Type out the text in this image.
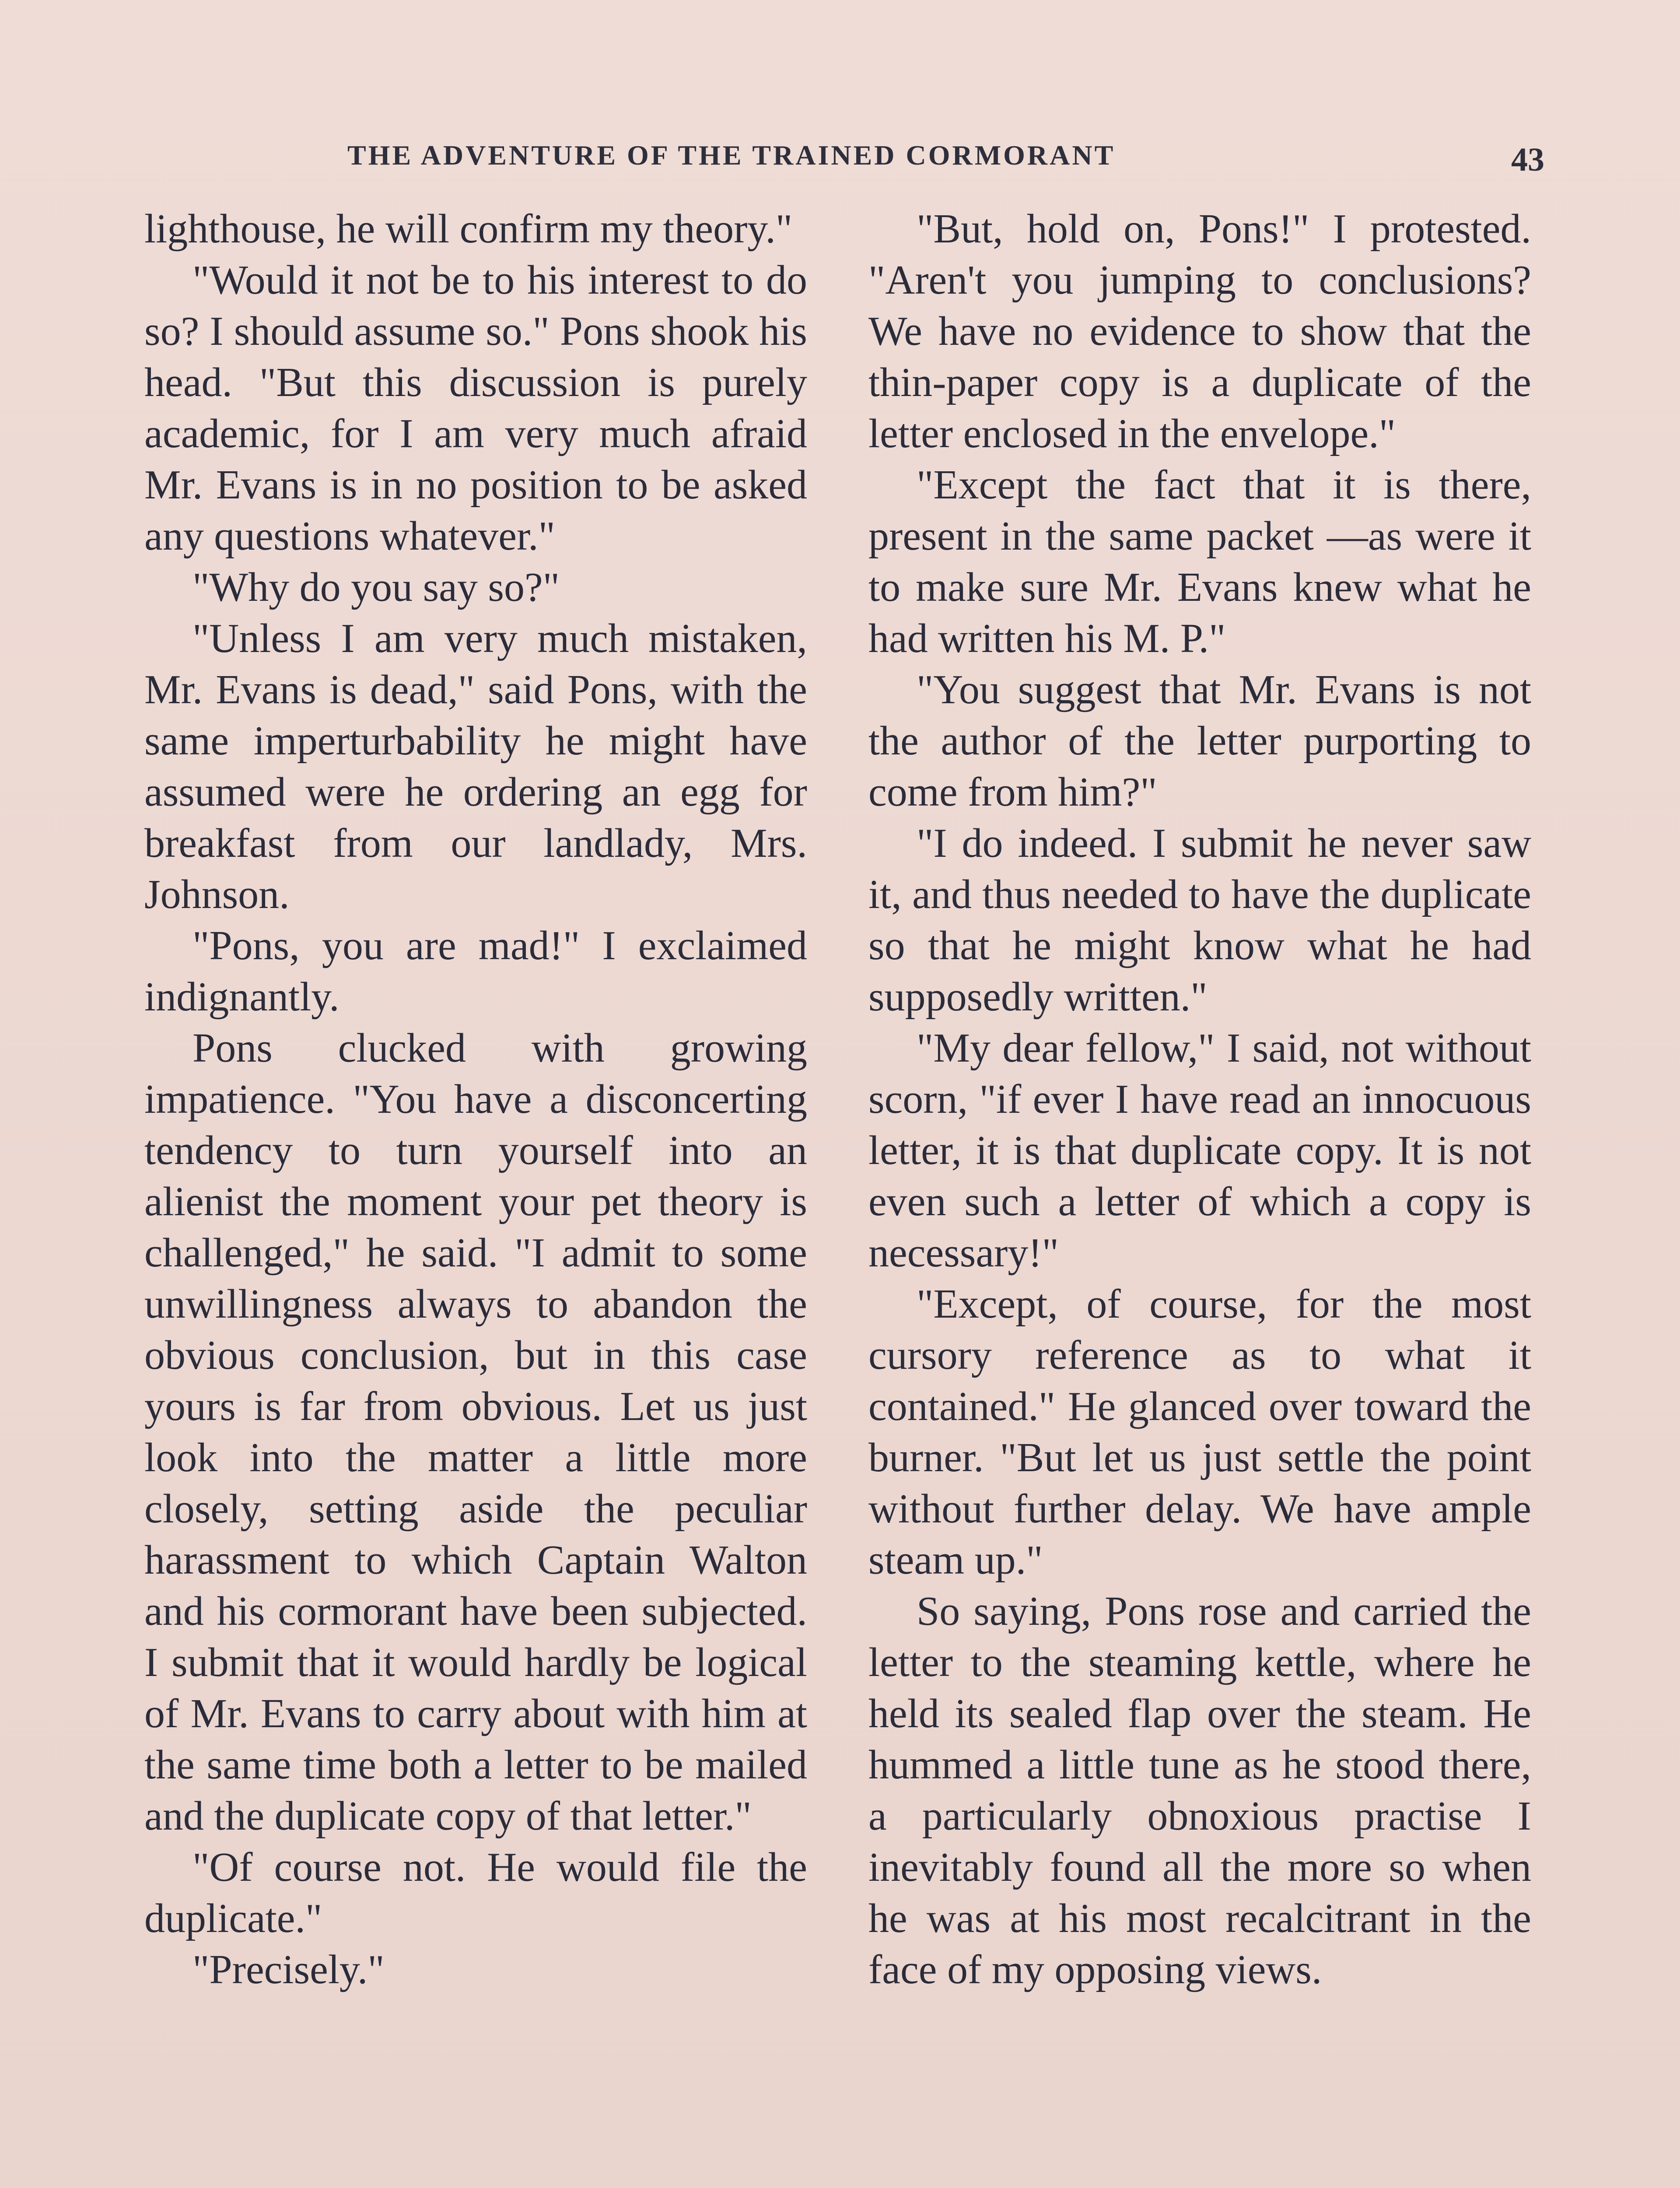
THE ADVENTURE OF THE TRAINED CORMORANT	43

lighthouse, he will confirm my theory."

"Would it not be to his interest to do so? I should assume so." Pons shook his head. "But this discussion is purely academic, for I am very much afraid Mr. Evans is in no position to be asked any questions whatever."

"Why do you say so?"

"Unless I am very much mistaken, Mr. Evans is dead," said Pons, with the same imperturbability he might have assumed were he ordering an egg for breakfast from our landlady, Mrs. Johnson.

"Pons, you are mad!" I exclaimed indignantly.

Pons clucked with growing impatience. "You have a disconcerting tendency to turn yourself into an alienist the moment your pet theory is challenged," he said. "I admit to some unwillingness always to abandon the obvious conclusion, but in this case yours is far from obvious. Let us just look into the matter a little more closely, setting aside the peculiar harassment to which Captain Walton and his cormorant have been subjected. I submit that it would hardly be logical of Mr. Evans to carry about with him at the same time both a letter to be mailed and the duplicate copy of that letter."

"Of course not. He would file the duplicate."

"Precisely."

"But, hold on, Pons!" I protested. "Aren't you jumping to conclusions? We have no evidence to show that the thin-paper copy is a duplicate of the letter enclosed in the envelope."

"Except the fact that it is there, present in the same packet —as were it to make sure Mr. Evans knew what he had written his M. P."

"You suggest that Mr. Evans is not the author of the letter purporting to come from him?"

"I do indeed. I submit he never saw it, and thus needed to have the duplicate so that he might know what he had supposedly written."

"My dear fellow," I said, not without scorn, "if ever I have read an innocuous letter, it is that duplicate copy. It is not even such a letter of which a copy is necessary!"

"Except, of course, for the most cursory reference as to what it contained." He glanced over toward the burner. "But let us just settle the point without further delay. We have ample steam up."

So saying, Pons rose and carried the letter to the steaming kettle, where he held its sealed flap over the steam. He hummed a little tune as he stood there, a particularly obnoxious practise I inevitably found all the more so when he was at his most recalcitrant in the face of my opposing views.
